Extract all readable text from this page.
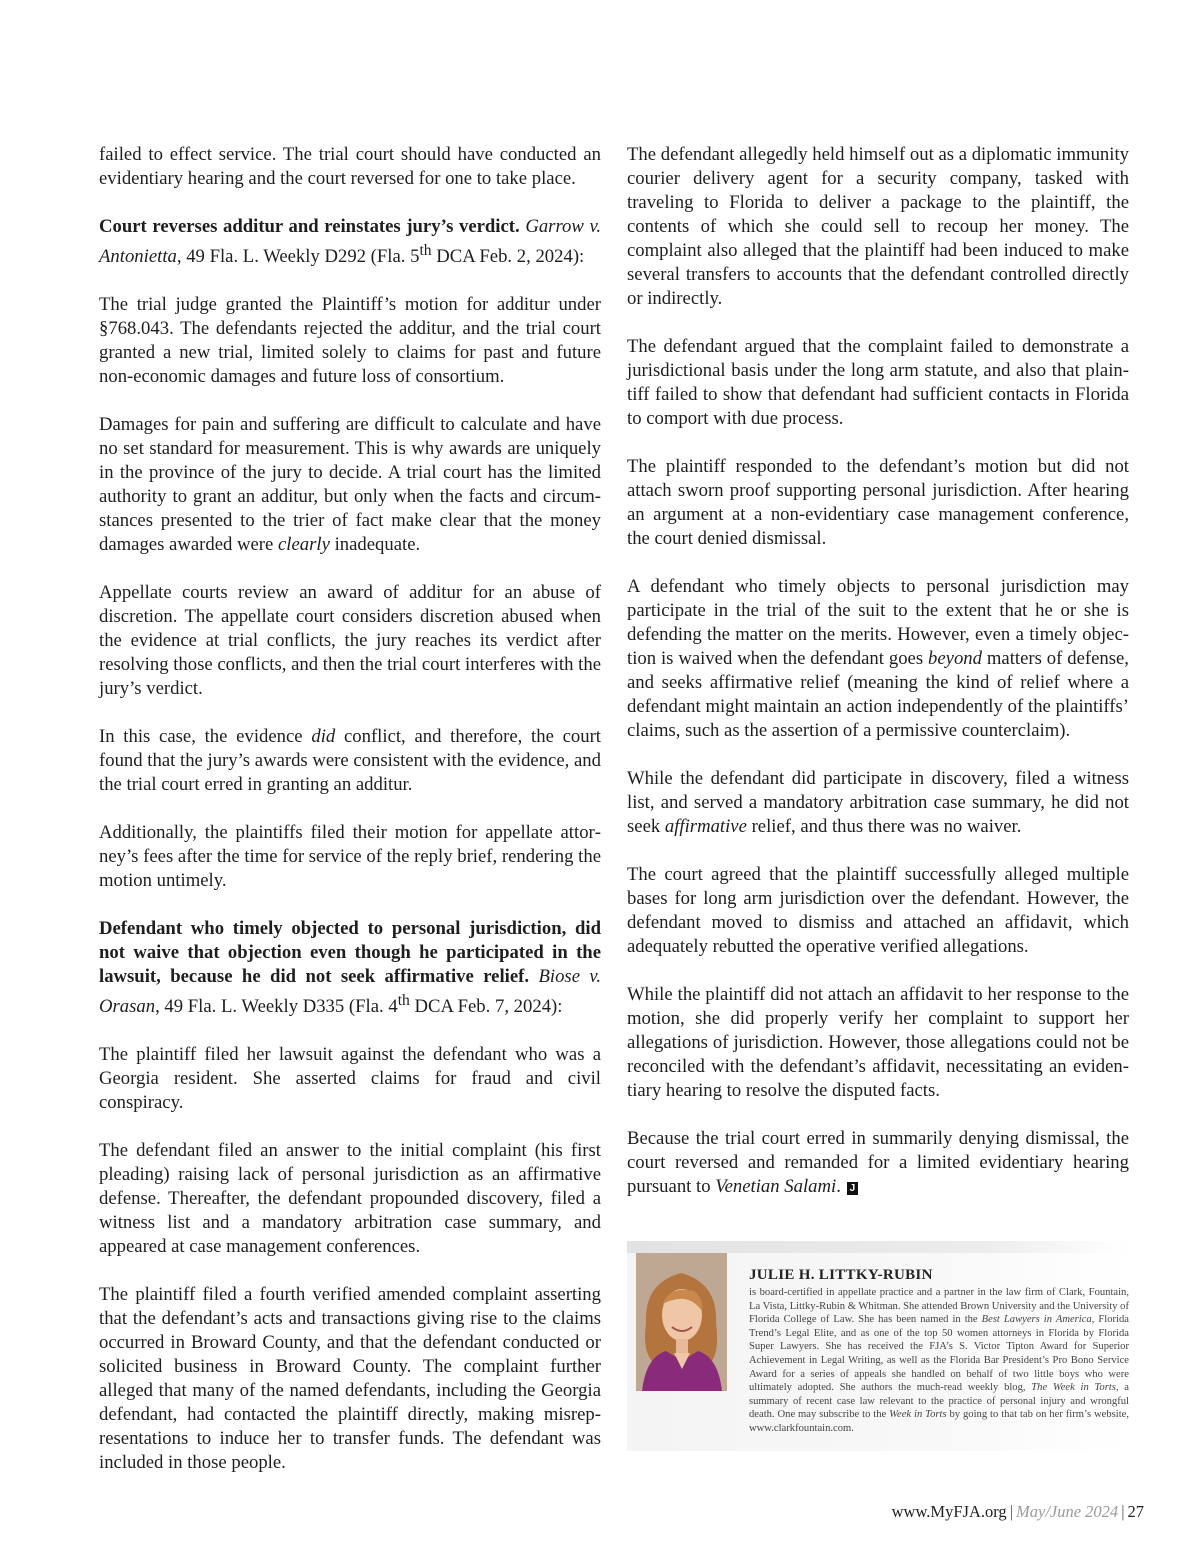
failed to effect service. The trial court should have conducted an evidentiary hearing and the court reversed for one to take place.

Court reverses additur and reinstates jury’s verdict. Garrow v. Antonietta, 49 Fla. L. Weekly D292 (Fla. 5th DCA Feb. 2, 2024):

The trial judge granted the Plaintiff’s motion for additur under §768.043. The defendants rejected the additur, and the trial court granted a new trial, limited solely to claims for past and future non-economic damages and future loss of consortium.

Damages for pain and suffering are difficult to calculate and have no set standard for measurement. This is why awards are uniquely in the province of the jury to decide. A trial court has the limited authority to grant an additur, but only when the facts and circumstances presented to the trier of fact make clear that the money damages awarded were clearly inadequate.

Appellate courts review an award of additur for an abuse of discretion. The appellate court considers discretion abused when the evidence at trial conflicts, the jury reaches its verdict after resolving those conflicts, and then the trial court interferes with the jury’s verdict.

In this case, the evidence did conflict, and therefore, the court found that the jury’s awards were consistent with the evidence, and the trial court erred in granting an additur.

Additionally, the plaintiffs filed their motion for appellate attorney’s fees after the time for service of the reply brief, rendering the motion untimely.

Defendant who timely objected to personal jurisdiction, did not waive that objection even though he participated in the lawsuit, because he did not seek affirmative relief. Biose v. Orasan, 49 Fla. L. Weekly D335 (Fla. 4th DCA Feb. 7, 2024):

The plaintiff filed her lawsuit against the defendant who was a Georgia resident. She asserted claims for fraud and civil conspiracy.

The defendant filed an answer to the initial complaint (his first pleading) raising lack of personal jurisdiction as an affirmative defense. Thereafter, the defendant propounded discovery, filed a witness list and a mandatory arbitration case summary, and appeared at case management conferences.

The plaintiff filed a fourth verified amended complaint asserting that the defendant’s acts and transactions giving rise to the claims occurred in Broward County, and that the defendant conducted or solicited business in Broward County. The complaint further alleged that many of the named defendants, including the Georgia defendant, had contacted the plaintiff directly, making misrepresentations to induce her to transfer funds. The defendant was included in those people.

The defendant allegedly held himself out as a diplomatic immunity courier delivery agent for a security company, tasked with traveling to Florida to deliver a package to the plaintiff, the contents of which she could sell to recoup her money. The complaint also alleged that the plaintiff had been induced to make several transfers to accounts that the defendant controlled directly or indirectly.

The defendant argued that the complaint failed to demonstrate a jurisdictional basis under the long arm statute, and also that plaintiff failed to show that defendant had sufficient contacts in Florida to comport with due process.

The plaintiff responded to the defendant’s motion but did not attach sworn proof supporting personal jurisdiction. After hearing an argument at a non-evidentiary case management conference, the court denied dismissal.

A defendant who timely objects to personal jurisdiction may participate in the trial of the suit to the extent that he or she is defending the matter on the merits. However, even a timely objection is waived when the defendant goes beyond matters of defense, and seeks affirmative relief (meaning the kind of relief where a defendant might maintain an action independently of the plaintiffs’ claims, such as the assertion of a permissive counterclaim).

While the defendant did participate in discovery, filed a witness list, and served a mandatory arbitration case summary, he did not seek affirmative relief, and thus there was no waiver.

The court agreed that the plaintiff successfully alleged multiple bases for long arm jurisdiction over the defendant. However, the defendant moved to dismiss and attached an affidavit, which adequately rebutted the operative verified allegations.

While the plaintiff did not attach an affidavit to her response to the motion, she did properly verify her complaint to support her allegations of jurisdiction. However, those allegations could not be reconciled with the defendant’s affidavit, necessitating an evidentiary hearing to resolve the disputed facts.

Because the trial court erred in summarily denying dismissal, the court reversed and remanded for a limited evidentiary hearing pursuant to Venetian Salami. J

JULIE H. LITTKY-RUBIN
is board-certified in appellate practice and a partner in the law firm of Clark, Fountain, La Vista, Littky-Rubin & Whitman. She attended Brown University and the University of Florida College of Law. She has been named in the Best Lawyers in America, Florida Trend’s Legal Elite, and as one of the top 50 women attorneys in Florida by Florida Super Lawyers. She has received the FJA’s S. Victor Tipton Award for Superior Achievement in Legal Writing, as well as the Florida Bar President’s Pro Bono Service Award for a series of appeals she handled on behalf of two little boys who were ultimately adopted. She authors the much-read weekly blog, The Week in Torts, a summary of recent case law relevant to the practice of personal injury and wrongful death. One may subscribe to the Week in Torts by going to that tab on her firm’s website, www.clarkfountain.com.
www.MyFJA.org | May/June 2024 | 27
